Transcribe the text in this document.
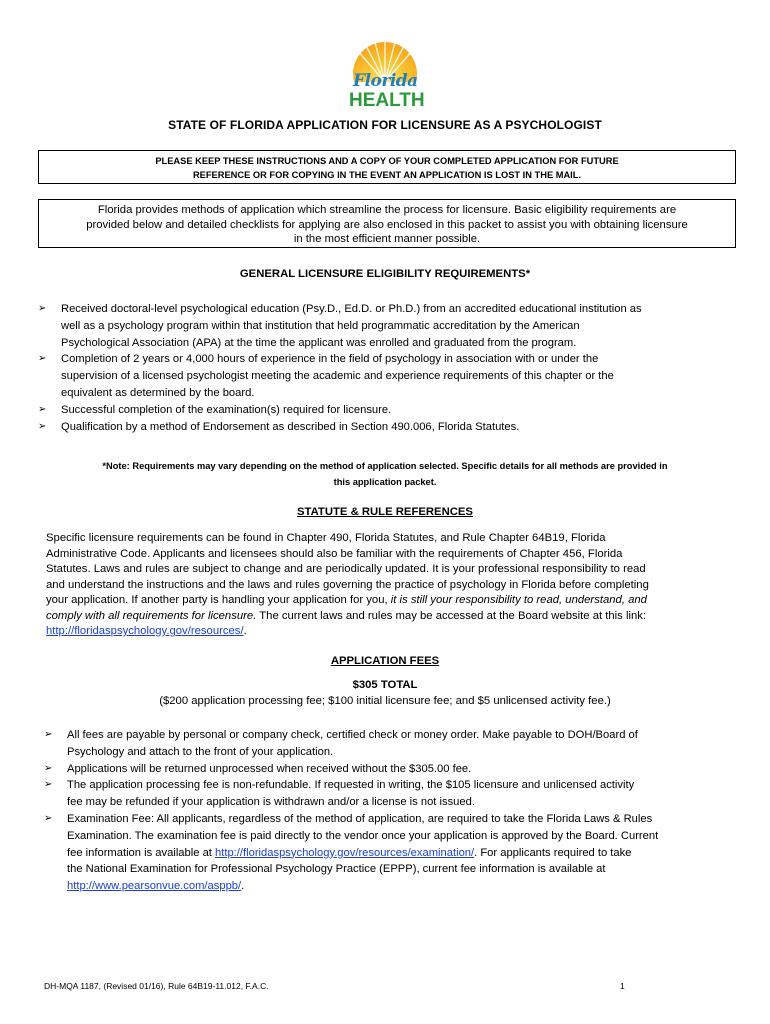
Florida
HEALTH
STATE OF FLORIDA APPLICATION FOR LICENSURE AS A PSYCHOLOGIST
PLEASE KEEP THESE INSTRUCTIONS AND A COPY OF YOUR COMPLETED APPLICATION FOR FUTURE
REFERENCE OR FOR COPYING IN THE EVENT AN APPLICATION IS LOST IN THE MAIL.
Florida provides methods of application which streamline the process for licensure. Basic eligibility requirements are
provided below and detailed checklists for applying are also enclosed in this packet to assist you with obtaining licensure
in the most efficient manner possible.
GENERAL LICENSURE ELIGIBILITY REQUIREMENTS*
➢ Received doctoral-level psychological education (Psy.D., Ed.D. or Ph.D.) from an accredited educational institution as
well as a psychology program within that institution that held programmatic accreditation by the American
Psychological Association (APA) at the time the applicant was enrolled and graduated from the program.
➢ Completion of 2 years or 4,000 hours of experience in the field of psychology in association with or under the
supervision of a licensed psychologist meeting the academic and experience requirements of this chapter or the
equivalent as determined by the board.
➢ Successful completion of the examination(s) required for licensure.
➢ Qualification by a method of Endorsement as described in Section 490.006, Florida Statutes.
*Note: Requirements may vary depending on the method of application selected. Specific details for all methods are provided in
this application packet.
STATUTE & RULE REFERENCES
Specific licensure requirements can be found in Chapter 490, Florida Statutes, and Rule Chapter 64B19, Florida
Administrative Code. Applicants and licensees should also be familiar with the requirements of Chapter 456, Florida
Statutes. Laws and rules are subject to change and are periodically updated. It is your professional responsibility to read
and understand the instructions and the laws and rules governing the practice of psychology in Florida before completing
your application. If another party is handling your application for you, it is still your responsibility to read, understand, and
comply with all requirements for licensure. The current laws and rules may be accessed at the Board website at this link:
http://floridaspsychology.gov/resources/.
APPLICATION FEES
$305 TOTAL
($200 application processing fee; $100 initial licensure fee; and $5 unlicensed activity fee.)
➢ All fees are payable by personal or company check, certified check or money order. Make payable to DOH/Board of
Psychology and attach to the front of your application.
➢ Applications will be returned unprocessed when received without the $305.00 fee.
➢ The application processing fee is non-refundable. If requested in writing, the $105 licensure and unlicensed activity
fee may be refunded if your application is withdrawn and/or a license is not issued.
➢ Examination Fee: All applicants, regardless of the method of application, are required to take the Florida Laws & Rules
Examination. The examination fee is paid directly to the vendor once your application is approved by the Board. Current
fee information is available at http://floridaspsychology.gov/resources/examination/. For applicants required to take
the National Examination for Professional Psychology Practice (EPPP), current fee information is available at
http://www.pearsonvue.com/asppb/.
DH-MQA 1187, (Revised 01/16), Rule 64B19-11.012, F.A.C.	1
